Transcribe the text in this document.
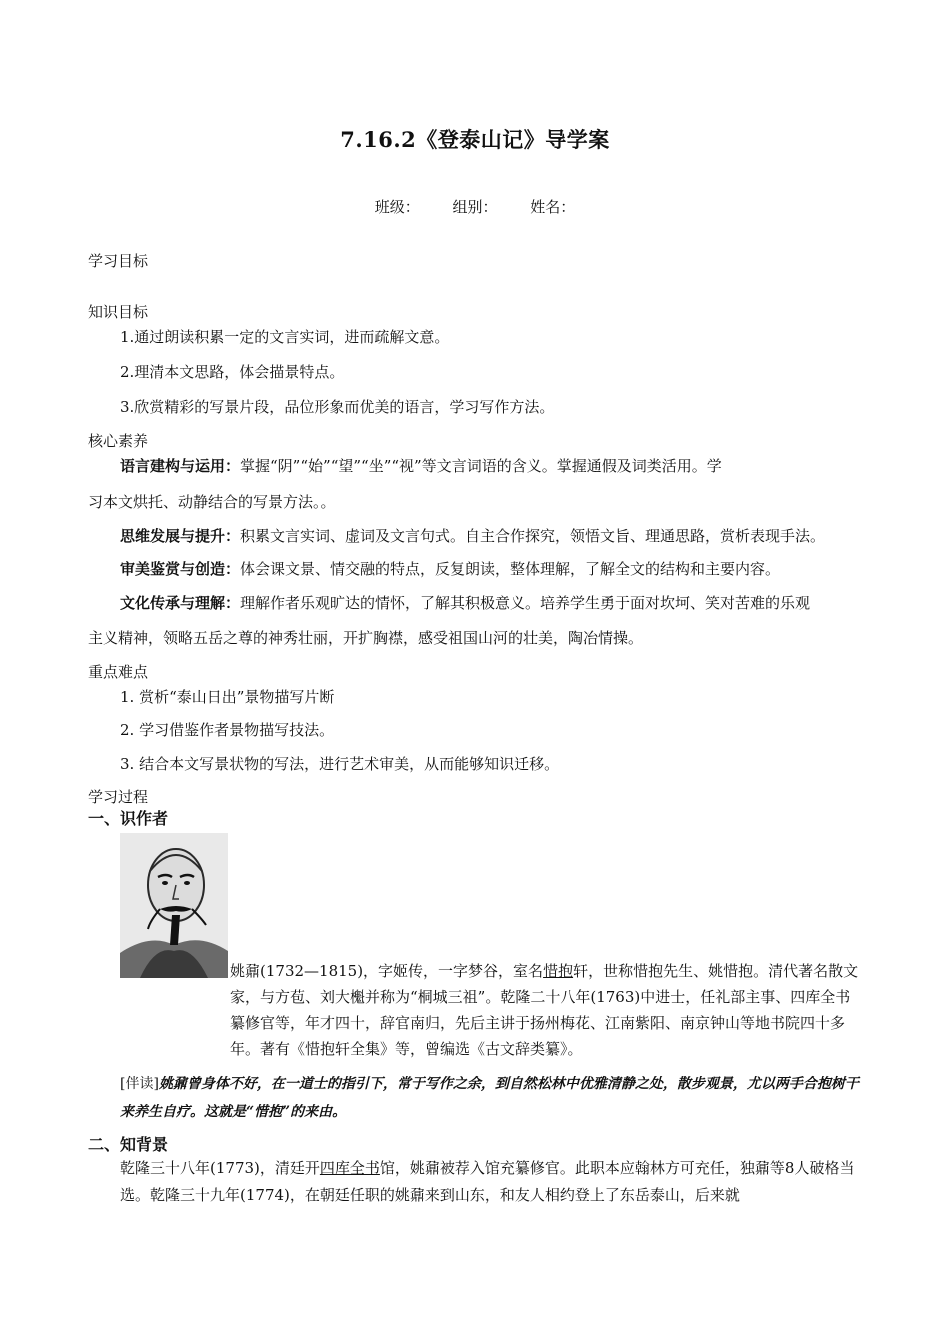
7.16.2《登泰山记》导学案
班级： 组别： 姓名：
学习目标
知识目标
1.通过朗读积累一定的文言实词，进而疏解文意。
2.理清本文思路，体会描景特点。
3.欣赏精彩的写景片段，品位形象而优美的语言，学习写作方法。
核心素养
语言建构与运用：掌握“阴”“始”“望”“坐”“视”等文言词语的含义。掌握通假及词类活用。学
习本文烘托、动静结合的写景方法。。
思维发展与提升：积累文言实词、虚词及文言句式。自主合作探究，领悟文旨、理通思路，赏析表现手法。
审美鉴赏与创造：体会课文景、情交融的特点，反复朗读，整体理解，了解全文的结构和主要内容。
文化传承与理解：理解作者乐观旷达的情怀，了解其积极意义。培养学生勇于面对坎坷、笑对苦难的乐观
主义精神，领略五岳之尊的神秀壮丽，开扩胸襟，感受祖国山河的壮美，陶冶情操。
重点难点
1. 赏析“泰山日出”景物描写片断
2. 学习借鉴作者景物描写技法。
3. 结合本文写景状物的写法，进行艺术审美，从而能够知识迁移。
学习过程
一、识作者
姚鼐(1732—1815)，字姬传，一字梦谷，室名惜抱轩，世称惜抱先生、姚惜抱。清代著名散文家，与方苞、刘大櫆并称为“桐城三祖”。乾隆二十八年(1763)中进士，任礼部主事、四库全书纂修官等，年才四十，辞官南归，先后主讲于扬州梅花、江南紫阳、南京钟山等地书院四十多年。著有《惜抱轩全集》等，曾编选《古文辞类纂》。
[伴读]姚鼐曾身体不好，在一道士的指引下，常于写作之余，到自然松林中优雅清静之处，散步观景，尤以两手合抱树干来养生自疗。这就是“惜抱”的来由。
二、知背景
乾隆三十八年(1773)，清廷开四库全书馆，姚鼐被荐入馆充纂修官。此职本应翰林方可充任，独鼐等8人破格当选。乾隆三十九年(1774)，在朝廷任职的姚鼐来到山东，和友人相约登上了东岳泰山，后来就
